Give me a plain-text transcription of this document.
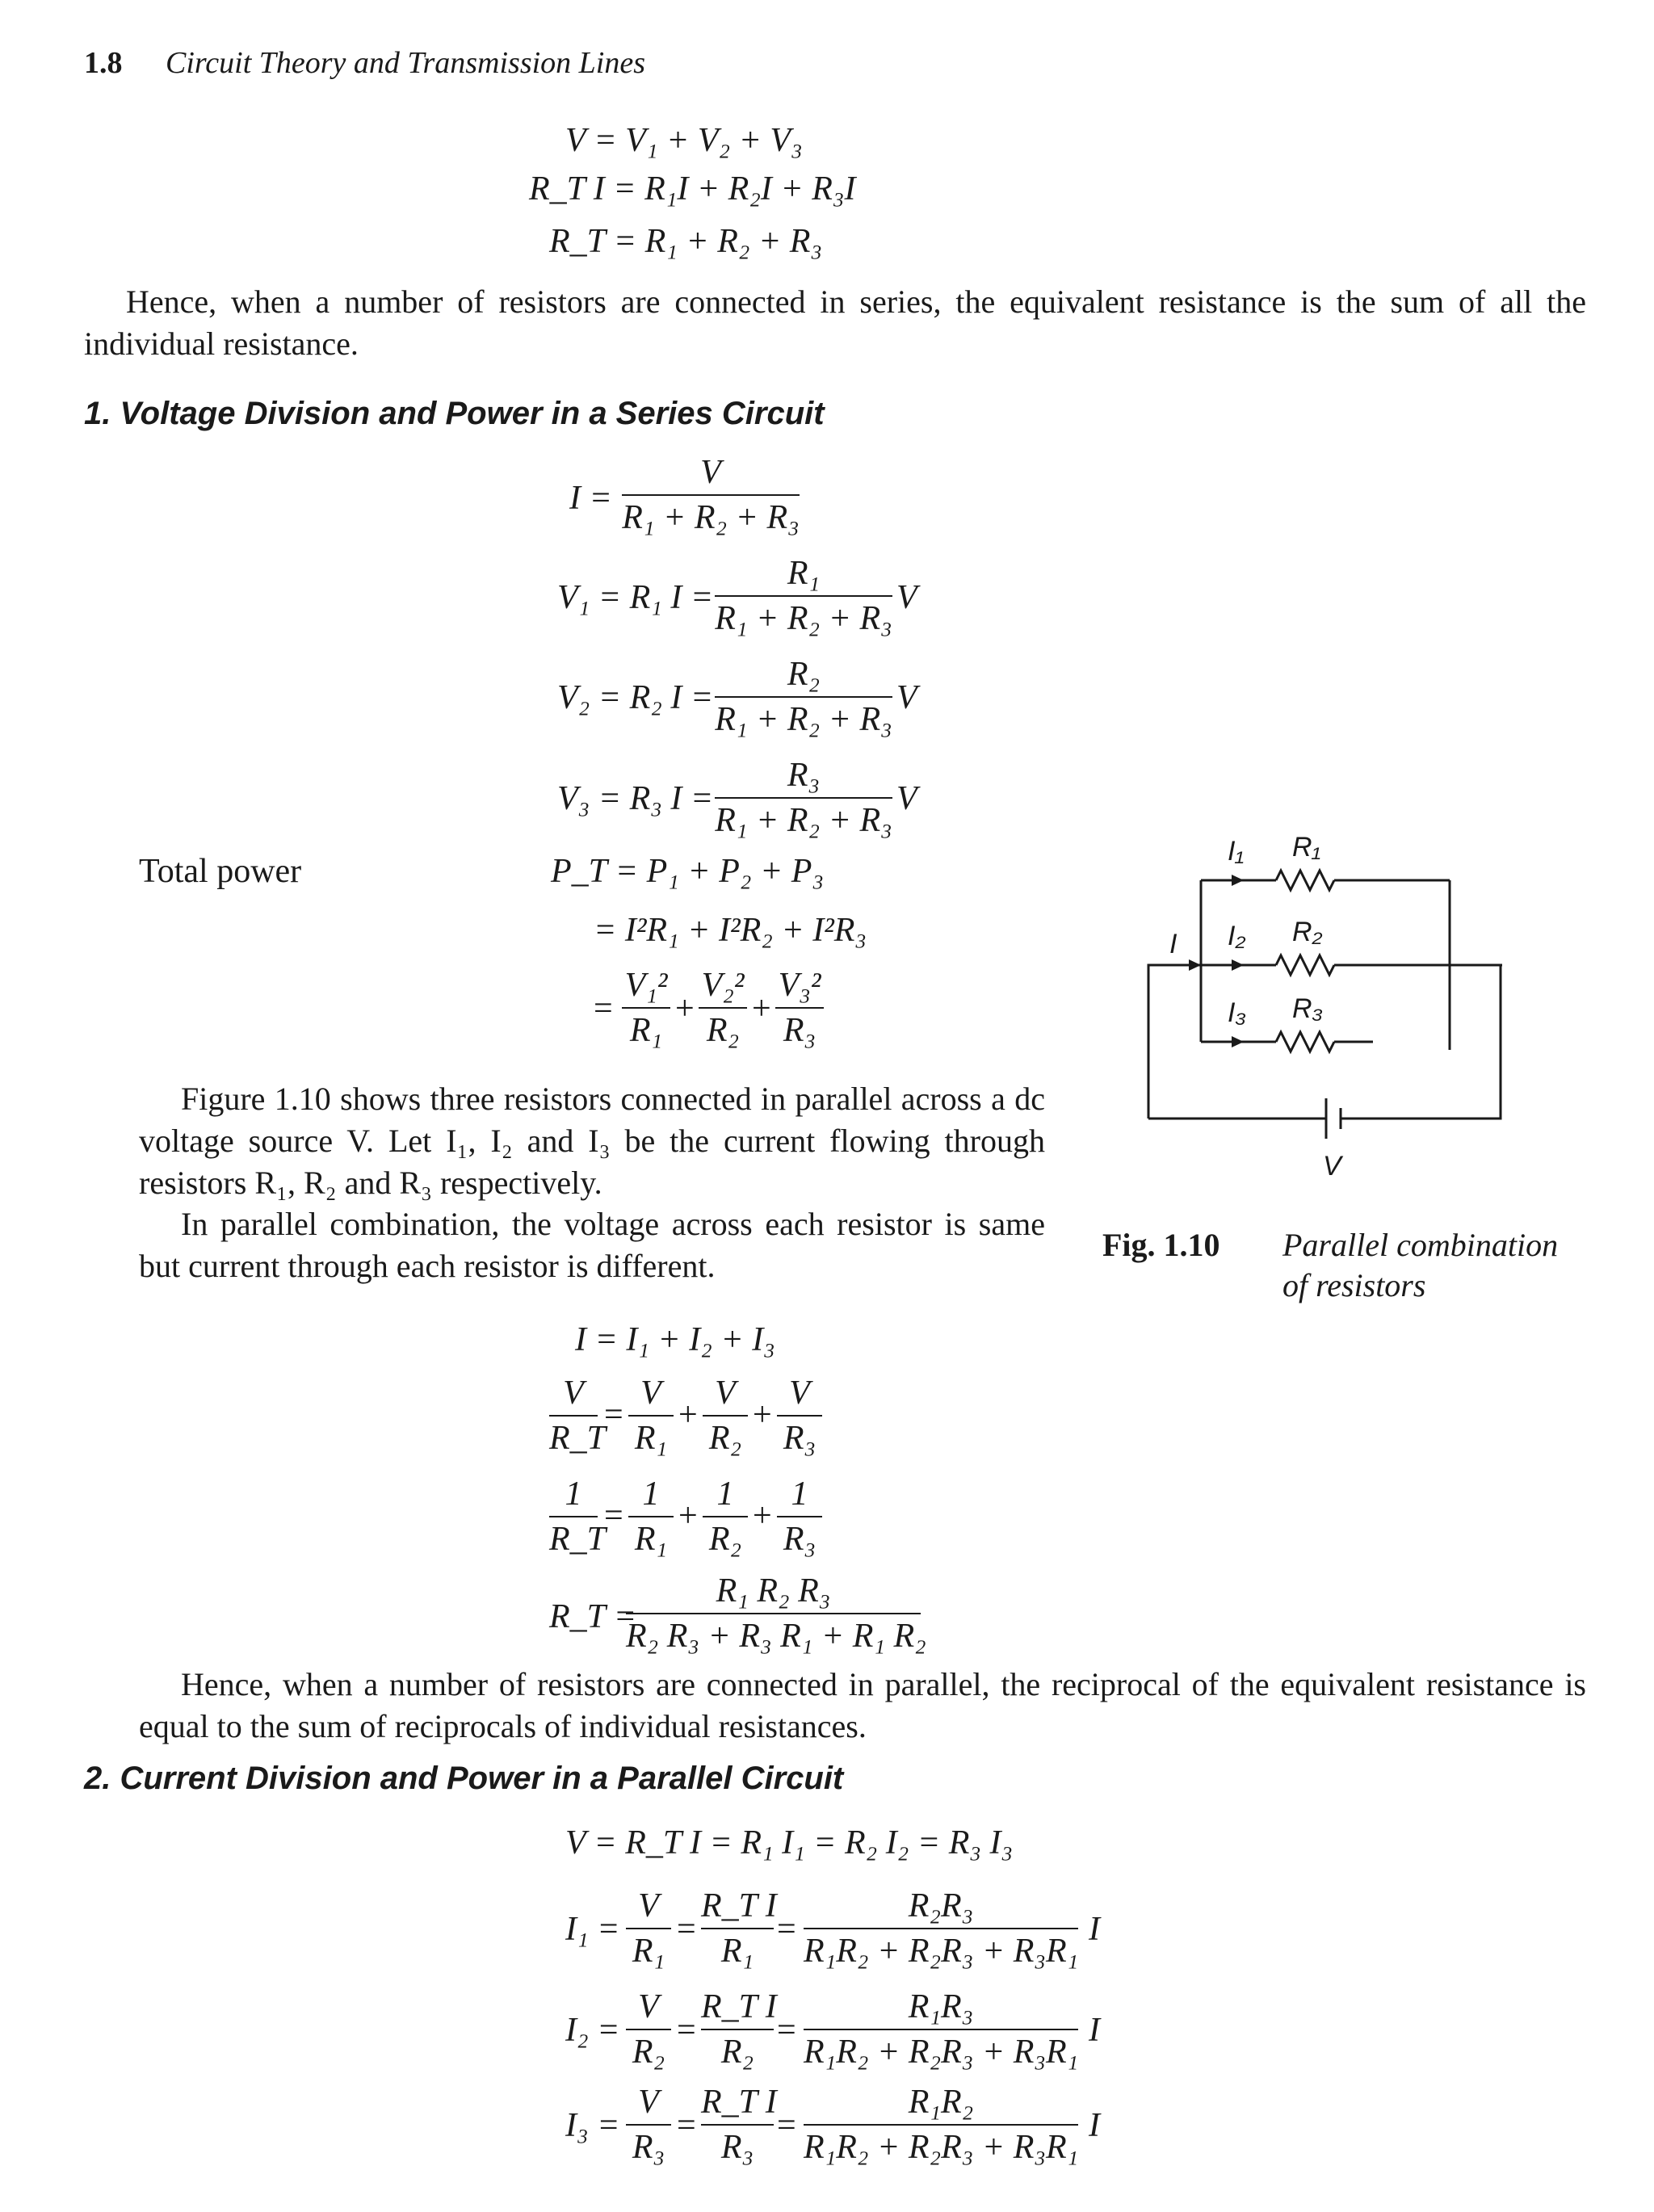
1.8 Circuit Theory and Transmission Lines
V = V₁ + V₂ + V₃
R_T I = R₁I + R₂I + R₃I
R_T = R₁ + R₂ + R₃
Hence, when a number of resistors are connected in series, the equivalent resistance is the sum of all the individual resistance.
1. Voltage Division and Power in a Series Circuit
I =
V
R₁ + R₂ + R₃
V₁ = R₁ I =
R₁
R₁ + R₂ + R₃
V
V₂ = R₂ I =
R₂
R₁ + R₂ + R₃
V
V₃ = R₃ I =
R₃
R₁ + R₂ + R₃
V
Total power	P_T = P₁ + P₂ + P₃
= I²R₁ + I²R₂ + I²R₃
=
V₁²
R₁
+
V₂²
R₂
+
V₃²
R₃
Figure 1.10 shows three resistors connected in parallel across a dc voltage source V. Let I₁, I₂ and I₃ be the current flowing through resistors R₁, R₂ and R₃ respectively.
In parallel combination, the voltage across each resistor is same but current through each resistor is different.
I
I₁
I₂
I₃
R₁
R₂
R₃
V
Fig. 1.10 Parallel combination
of resistors
I = I₁ + I₂ + I₃
V
R_T
=
V
R₁
+
V
R₂
+
V
R₃
1
R_T
=
1
R₁
+
1
R₂
+
1
R₃
R_T =
R₁ R₂ R₃
R₂ R₃ + R₃ R₁ + R₁ R₂
Hence, when a number of resistors are connected in parallel, the reciprocal of the equivalent resistance is equal to the sum of reciprocals of individual resistances.
2. Current Division and Power in a Parallel Circuit
V = R_T I = R₁ I₁ = R₂ I₂ = R₃ I₃
I₁ =
V
R₁
=
R_T I
R₁
=
R₂R₃
R₁R₂ + R₂R₃ + R₃R₁
I
I₂ =
V
R₂
=
R_T I
R₂
=
R₁R₃
R₁R₂ + R₂R₃ + R₃R₁
I
I₃ =
V
R₃
=
R_T I
R₃
=
R₁R₂
R₁R₂ + R₂R₃ + R₃R₁
I
